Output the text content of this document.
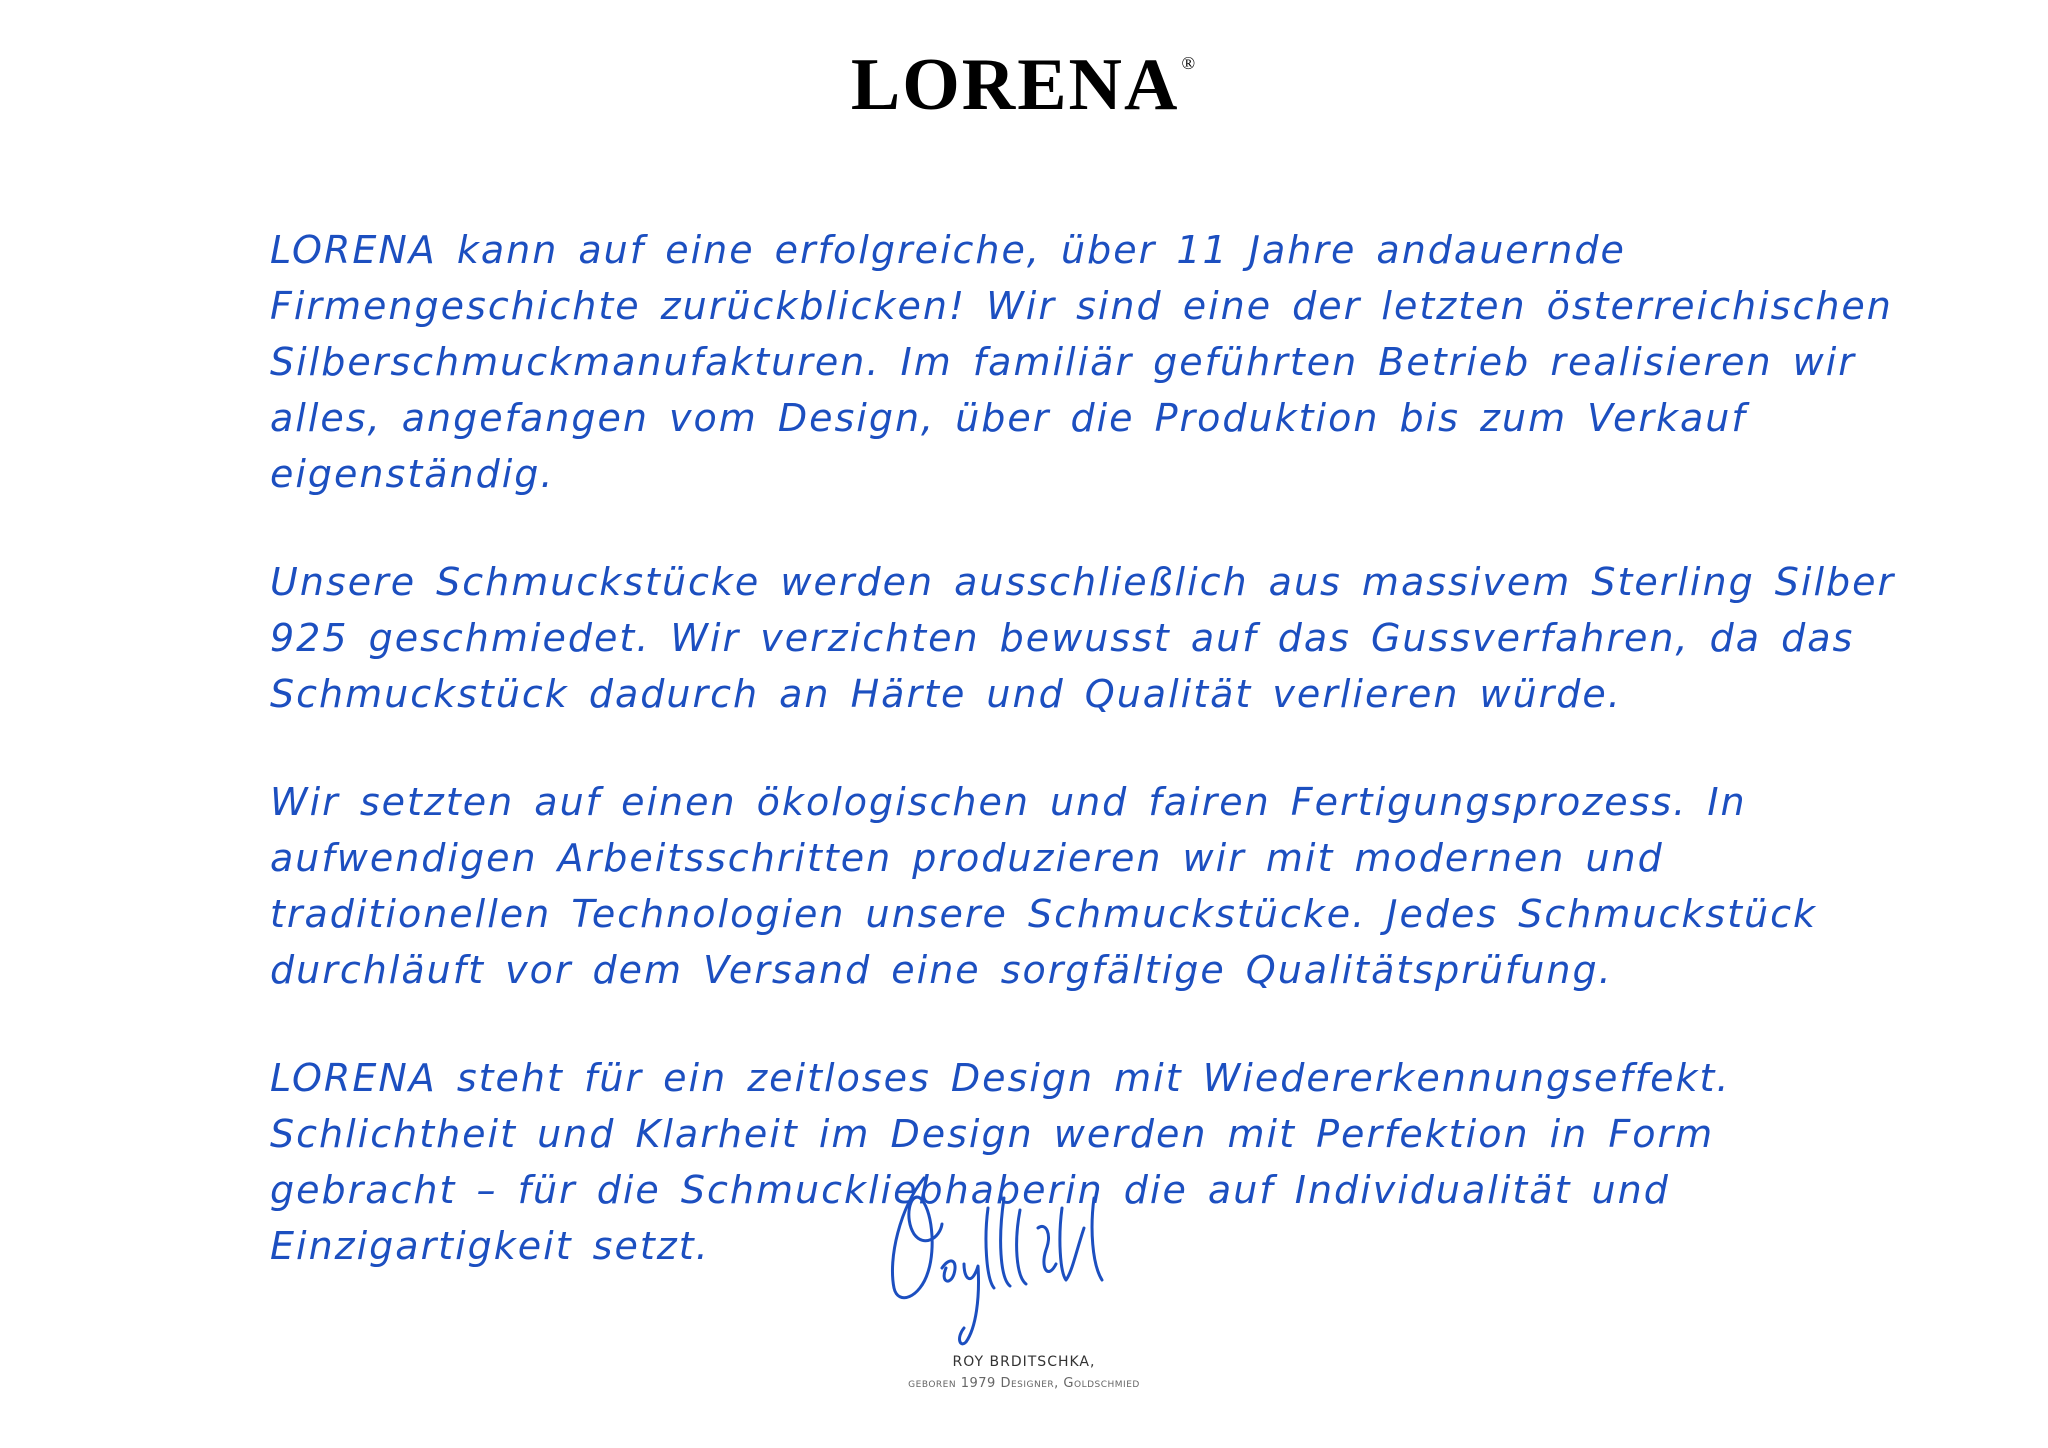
LORENA ®

LORENA kann auf eine erfolgreiche, über 11 Jahre andauernde Firmengeschichte zurückblicken! Wir sind eine der letzten österreichischen Silberschmuckmanufakturen. Im familiär geführten Betrieb realisieren wir alles, angefangen vom Design, über die Produktion bis zum Verkauf eigenständig.

Unsere Schmuckstücke werden ausschließlich aus massivem Sterling Silber 925 geschmiedet. Wir verzichten bewusst auf das Gussverfahren, da das Schmuckstück dadurch an Härte und Qualität verlieren würde.

Wir setzten auf einen ökologischen und fairen Fertigungsprozess. In aufwendigen Arbeitsschritten produzieren wir mit modernen und traditionellen Technologien unsere Schmuckstücke. Jedes Schmuckstück durchläuft vor dem Versand eine sorgfältige Qualitätsprüfung.

LORENA steht für ein zeitloses Design mit Wiedererkennungseffekt. Schlichtheit und Klarheit im Design werden mit Perfektion in Form gebracht – für die Schmuckliebhaberin die auf Individualität und Einzigartigkeit setzt.

ROY BRDITSCHKA,
geboren 1979 Designer, Goldschmied
